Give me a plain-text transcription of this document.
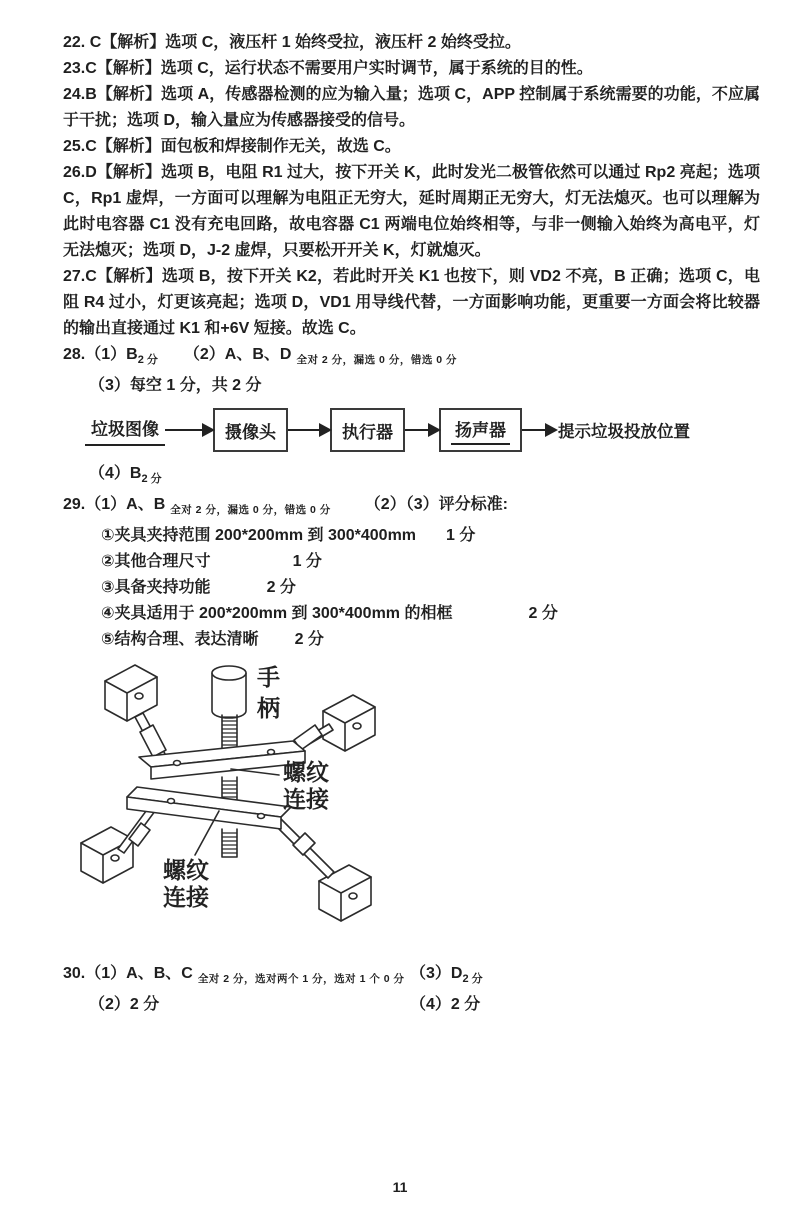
22. C【解析】选项 C，液压杆 1 始终受拉，液压杆 2 始终受拉。

23.C【解析】选项 C，运行状态不需要用户实时调节，属于系统的目的性。

24.B【解析】选项 A，传感器检测的应为输入量；选项 C，APP 控制属于系统需要的功能，不应属于干扰；选项 D，输入量应为传感器接受的信号。

25.C【解析】面包板和焊接制作无关，故选 C。

26.D【解析】选项 B，电阻 R1 过大，按下开关 K，此时发光二极管依然可以通过 Rp2 亮起；选项 C，Rp1 虚焊，一方面可以理解为电阻正无穷大，延时周期正无穷大，灯无法熄灭。也可以理解为此时电容器 C1 没有充电回路，故电容器 C1 两端电位始终相等，与非一侧输入始终为高电平，灯无法熄灭；选项 D，J-2 虚焊，只要松开开关 K，灯就熄灭。

27.C【解析】选项 B，按下开关 K2，若此时开关 K1 也按下，则 VD2 不亮，B 正确；选项 C，电阻 R4 过小，灯更该亮起；选项 D，VD1 用导线代替，一方面影响功能，更重要一方面会将比较器的输出直接通过 K1 和+6V 短接。故选 C。

$28.(1)B_{2 分}$ （2）A、B、D $_{全对 2 分,漏选 0 分,错选 0 分}$
（3）每空 1 分，共 2 分
垃圾图像	摄像头	执行器	扬声器	提示垃圾投放位置
$(4)B_{2 分}$
29.（1）A、B $_{全对 2 分,漏选 0 分,错选 0 分}$ （2）（3）评分标准:
①夹具夹持范围 200*200mm 到 300*400mm 1 分
②其他合理尺寸	1 分
③具备夹持功能	2 分
④夹具适用于 200*200mm 到 300*400mm 的相框	2 分
⑤结构合理、表达清晰 2 分
手柄
螺纹连接
螺纹连接
30.（1）A、B、C $_{全对 2 分,选对两个 1 分,选对 1 个 0 分}$ $(3)D_{2 分}$
（2）2 分	（4）2 分
11
